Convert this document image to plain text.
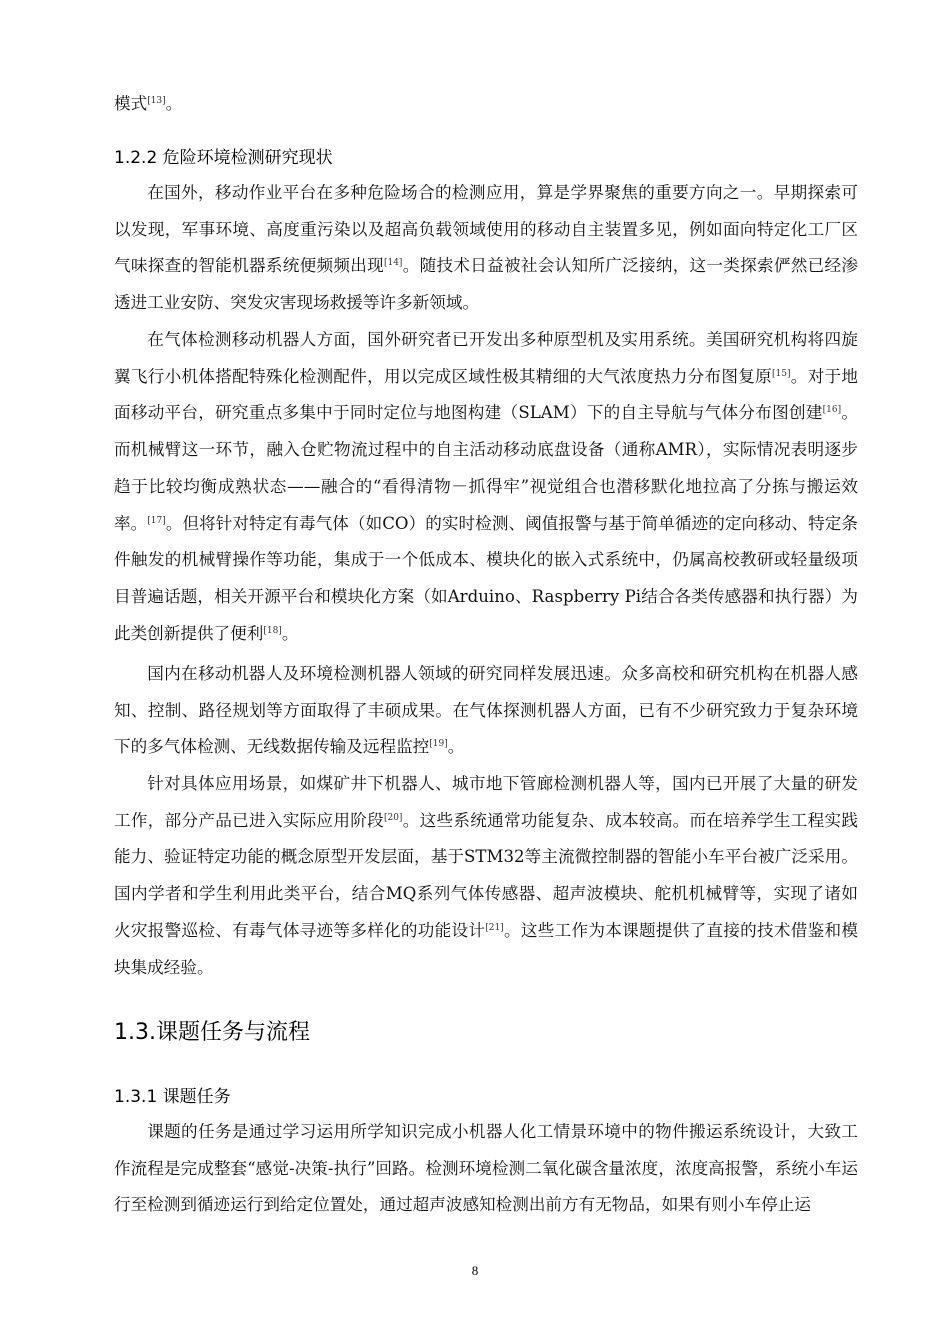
模式[13]。
1.2.2 危险环境检测研究现状
在国外，移动作业平台在多种危险场合的检测应用，算是学界聚焦的重要方向之一。早期探索可以发现，军事环境、高度重污染以及超高负载领域使用的移动自主装置多见，例如面向特定化工厂区气味探查的智能机器系统便频频出现[14]。随技术日益被社会认知所广泛接纳，这一类探索俨然已经渗透进工业安防、突发灾害现场救援等许多新领域。
在气体检测移动机器人方面，国外研究者已开发出多种原型机及实用系统。美国研究机构将四旋翼飞行小机体搭配特殊化检测配件，用以完成区域性极其精细的大气浓度热力分布图复原[15]。对于地面移动平台，研究重点多集中于同时定位与地图构建（SLAM）下的自主导航与气体分布图创建[16]。而机械臂这一环节，融入仓贮物流过程中的自主活动移动底盘设备（通称AMR），实际情况表明逐步趋于比较均衡成熟状态——融合的“看得清物－抓得牢”视觉组合也潜移默化地拉高了分拣与搬运效率。[17]。但将针对特定有毒气体（如CO）的实时检测、阈值报警与基于简单循迹的定向移动、特定条件触发的机械臂操作等功能，集成于一个低成本、模块化的嵌入式系统中，仍属高校教研或轻量级项目普遍话题，相关开源平台和模块化方案（如Arduino、Raspberry Pi结合各类传感器和执行器）为此类创新提供了便利[18]。
国内在移动机器人及环境检测机器人领域的研究同样发展迅速。众多高校和研究机构在机器人感知、控制、路径规划等方面取得了丰硕成果。在气体探测机器人方面，已有不少研究致力于复杂环境下的多气体检测、无线数据传输及远程监控[19]。
针对具体应用场景，如煤矿井下机器人、城市地下管廊检测机器人等，国内已开展了大量的研发工作，部分产品已进入实际应用阶段[20]。这些系统通常功能复杂、成本较高。而在培养学生工程实践能力、验证特定功能的概念原型开发层面，基于STM32等主流微控制器的智能小车平台被广泛采用。国内学者和学生利用此类平台，结合MQ系列气体传感器、超声波模块、舵机机械臂等，实现了诸如火灾报警巡检、有毒气体寻迹等多样化的功能设计[21]。这些工作为本课题提供了直接的技术借鉴和模块集成经验。
1.3.课题任务与流程
1.3.1 课题任务
课题的任务是通过学习运用所学知识完成小机器人化工情景环境中的物件搬运系统设计，大致工作流程是完成整套“感觉-决策-执行”回路。检测环境检测二氧化碳含量浓度，浓度高报警，系统小车运行至检测到循迹运行到给定位置处，通过超声波感知检测出前方有无物品，如果有则小车停止运
8
